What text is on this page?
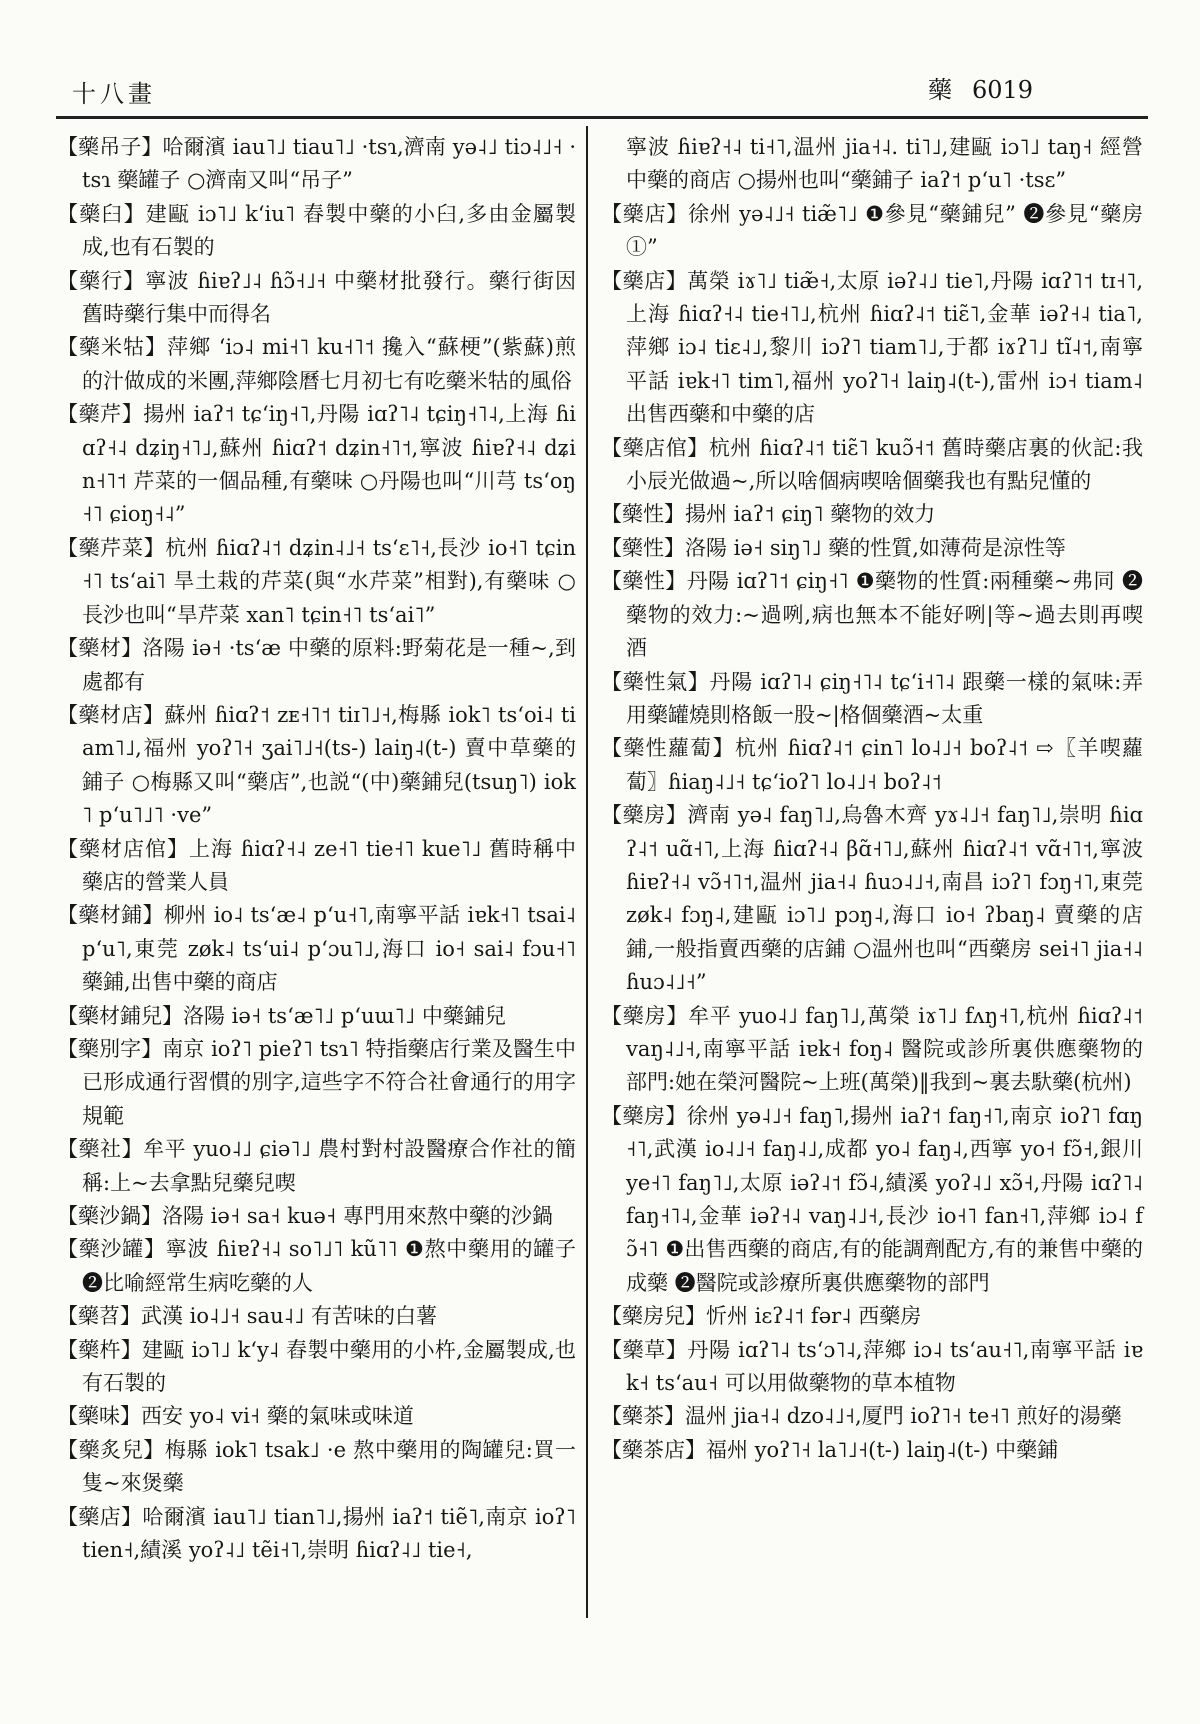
十八畫	藥 6019
【藥吊子】哈爾濱 iau˥˩ tiau˥˩ ·tsɿ,濟南 yə˨˩ tiɔ˨˩˧ ·tsɿ 藥罐子 ○濟南又叫“吊子”
【藥臼】建甌 iɔ˥˩ kʻiu˥ 舂製中藥的小臼,多由金屬製成,也有石製的
【藥行】寧波 ɦiɐʔ˩˨ ɦɔ̃˧˩˧ 中藥材批發行。藥行街因舊時藥行集中而得名
【藥米牯】萍鄉 ʻiɔ˨ mi˧˥ ku˧˥˦ 攙入“蘇梗”(紫蘇)煎的汁做成的米團,萍鄉陰曆七月初七有吃藥米牯的風俗
【藥芹】揚州 iaʔ˦ tɕʻiŋ˧˥,丹陽 iɑʔ˥˨ tɕiŋ˧˥˨,上海 ɦiɑʔ˧˨ dʑiŋ˧˥˩,蘇州 ɦiɑʔ˦ dʑin˧˥˦,寧波 ɦiɐʔ˧˨ dʑin˧˥˦ 芹菜的一個品種,有藥味 ○丹陽也叫“川芎 tsʻoŋ˧˥ ɕioŋ˧˨”
【藥芹菜】杭州 ɦiɑʔ˨˦ dʑin˨˩˧ tsʻɛ˥˧,長沙 io˧˥ tɕin˧˥ tsʻai˥ 旱土栽的芹菜(與“水芹菜”相對),有藥味 ○長沙也叫“旱芹菜 xan˥ tɕin˧˥ tsʻai˥”
【藥材】洛陽 iə˧ ·tsʻæ 中藥的原料:野菊花是一種~,到處都有
【藥材店】蘇州 ɦiɑʔ˦ zᴇ˧˥˦ tiɪ˥˩˧,梅縣 iok˥ tsʻoi˨ tiam˥˩,福州 yoʔ˥˧ ʒai˥˩˧(ts-) laiŋ˨(t-) 賣中草藥的鋪子 ○梅縣又叫“藥店”,也説“(中)藥鋪兒(tsuŋ˥) iok˥ pʻu˥˩˥ ·ve”
【藥材店倌】上海 ɦiɑʔ˧˨ ze˧˥ tie˧˥ kue˥˩ 舊時稱中藥店的營業人員
【藥材鋪】柳州 io˨ tsʻæ˨ pʻu˧˥,南寧平話 iɐk˧˥ tsai˨ pʻu˥,東莞 zøk˨ tsʻui˨ pʻɔu˥˩,海口 io˧ sai˨ fɔu˧˥ 藥鋪,出售中藥的商店
【藥材鋪兒】洛陽 iə˧ tsʻæ˥˩ pʻuɯ˥˩ 中藥鋪兒
【藥別字】南京 ioʔ˥ pieʔ˥ tsɿ˥ 特指藥店行業及醫生中已形成通行習慣的別字,這些字不符合社會通行的用字規範
【藥社】牟平 yuo˨˩ ɕiə˥˩ 農村對村設醫療合作社的簡稱:上~去拿點兒藥兒喫
【藥沙鍋】洛陽 iə˧ sa˧ kuə˧ 專門用來熬中藥的沙鍋
【藥沙罐】寧波 ɦiɐʔ˧˨ so˥˩˥ kũ˥˥ ❶熬中藥用的罐子 ❷比喻經常生病吃藥的人
【藥苕】武漢 io˨˩˧ sau˨˩ 有苦味的白薯
【藥杵】建甌 iɔ˥˩ kʻy˨ 舂製中藥用的小杵,金屬製成,也有石製的
【藥味】西安 yo˨ vi˧ 藥的氣味或味道
【藥炙兒】梅縣 iok˥ tsak˩ ·e 熬中藥用的陶罐兒:買一隻~來煲藥
【藥店】哈爾濱 iau˥˩ tian˥˩,揚州 iaʔ˦ tiẽ˥,南京 ioʔ˥ tien˧,績溪 yoʔ˨˩ tẽi˧˥,崇明 ɦiɑʔ˨˩ tie˧,
寧波 ɦiɐʔ˧˨ ti˧˥,温州 jia˧˨. ti˥˩,建甌 iɔ˥˩ taŋ˧ 經營中藥的商店 ○揚州也叫“藥鋪子 iaʔ˦ pʻu˥ ·tsɛ”
【藥店】徐州 yə˨˩˧ tiæ̃˥˩ ❶參見“藥鋪兒” ❷參見“藥房①”
【藥店】萬榮 iɤ˥˩ tiæ̃˧,太原 iəʔ˨˩ tie˥,丹陽 iɑʔ˥˦ tɪ˧˥,上海 ɦiɑʔ˧˨ tie˧˥˩,杭州 ɦiɑʔ˨˦ tiɛ̃˥,金華 iəʔ˧˨ tia˥,萍鄉 iɔ˨ tiɛ˨˩,黎川 iɔʔ˥ tiam˥˩,于都 iɤʔ˥˩ tĩ˨˦,南寧平話 iɐk˧˥ tim˥,福州 yoʔ˥˧ laiŋ˨(t-),雷州 iɔ˧ tiam˨ 出售西藥和中藥的店
【藥店倌】杭州 ɦiɑʔ˨˦ tiɛ̃˥ kuɔ̃˧˦ 舊時藥店裏的伙記:我小辰光做過~,所以啥個病喫啥個藥我也有點兒懂的
【藥性】揚州 iaʔ˦ ɕiŋ˥ 藥物的效力
【藥性】洛陽 iə˧ siŋ˥˩ 藥的性質,如薄荷是涼性等
【藥性】丹陽 iɑʔ˥˦ ɕiŋ˧˥ ❶藥物的性質:兩種藥~弗同 ❷藥物的效力:~過咧,病也無本不能好咧|等~過去則再喫酒
【藥性氣】丹陽 iɑʔ˥˨ ɕiŋ˧˥˨ tɕʻi˧˥˨ 跟藥一樣的氣味:弄用藥罐燒則格飯一股~|格個藥酒~太重
【藥性蘿蔔】杭州 ɦiɑʔ˨˦ ɕin˥ lo˨˩˧ boʔ˨˦ ⇨〖羊喫蘿蔔〗ɦiaŋ˨˩˧ tɕʻioʔ˥ lo˨˩˧ boʔ˨˦
【藥房】濟南 yə˨ faŋ˥˩,烏魯木齊 yɤ˨˩˧ faŋ˥˩,崇明 ɦiɑʔ˨˦ uɑ̃˧˥,上海 ɦiɑʔ˧˨ βɑ̃˧˥˩,蘇州 ɦiɑʔ˨˦ vɑ̃˧˥˦,寧波 ɦiɐʔ˧˨ vɔ̃˧˥˦,温州 jia˧˨ ɦuɔ˨˩˧,南昌 iɔʔ˥ fɔŋ˧˥,東莞 zøk˨ fɔŋ˨,建甌 iɔ˥˩ pɔŋ˨,海口 io˧ ʔbaŋ˨ 賣藥的店鋪,一般指賣西藥的店鋪 ○温州也叫“西藥房 sei˧˥ jia˧˨ ɦuɔ˨˩˧”
【藥房】牟平 yuo˨˩ faŋ˥˩,萬榮 iɤ˥˩ fʌŋ˧˥,杭州 ɦiɑʔ˨˦ vaŋ˨˩˧,南寧平話 iɐk˧ foŋ˨ 醫院或診所裏供應藥物的部門:她在榮河醫院~上班(萬榮)‖我到~裏去馱藥(杭州)
【藥房】徐州 yə˨˩˧ faŋ˥,揚州 iaʔ˦ faŋ˧˥,南京 ioʔ˥ fɑŋ˧˥,武漢 io˨˩˧ faŋ˨˩,成都 yo˨ faŋ˨,西寧 yo˧ fɔ̃˧,銀川 ye˧˥ faŋ˥˩,太原 iəʔ˨˦ fɔ̃˨,績溪 yoʔ˨˩ xɔ̃˧,丹陽 iɑʔ˥˨ faŋ˧˥˨,金華 iəʔ˧˨ vaŋ˨˩˧,長沙 io˧˥ fan˧˥,萍鄉 iɔ˨ fɔ̃˧˥ ❶出售西藥的商店,有的能調劑配方,有的兼售中藥的成藥 ❷醫院或診療所裏供應藥物的部門
【藥房兒】忻州 iɛʔ˨˦ fər˨ 西藥房
【藥草】丹陽 iɑʔ˥˨ tsʻɔ˥˨,萍鄉 iɔ˨ tsʻau˧˥,南寧平話 iɐk˧ tsʻau˧ 可以用做藥物的草本植物
【藥茶】温州 jia˧˨ dzo˨˩˧,厦門 ioʔ˥˧ te˧˥ 煎好的湯藥
【藥茶店】福州 yoʔ˥˧ la˥˩˧(t-) laiŋ˨(t-) 中藥鋪
